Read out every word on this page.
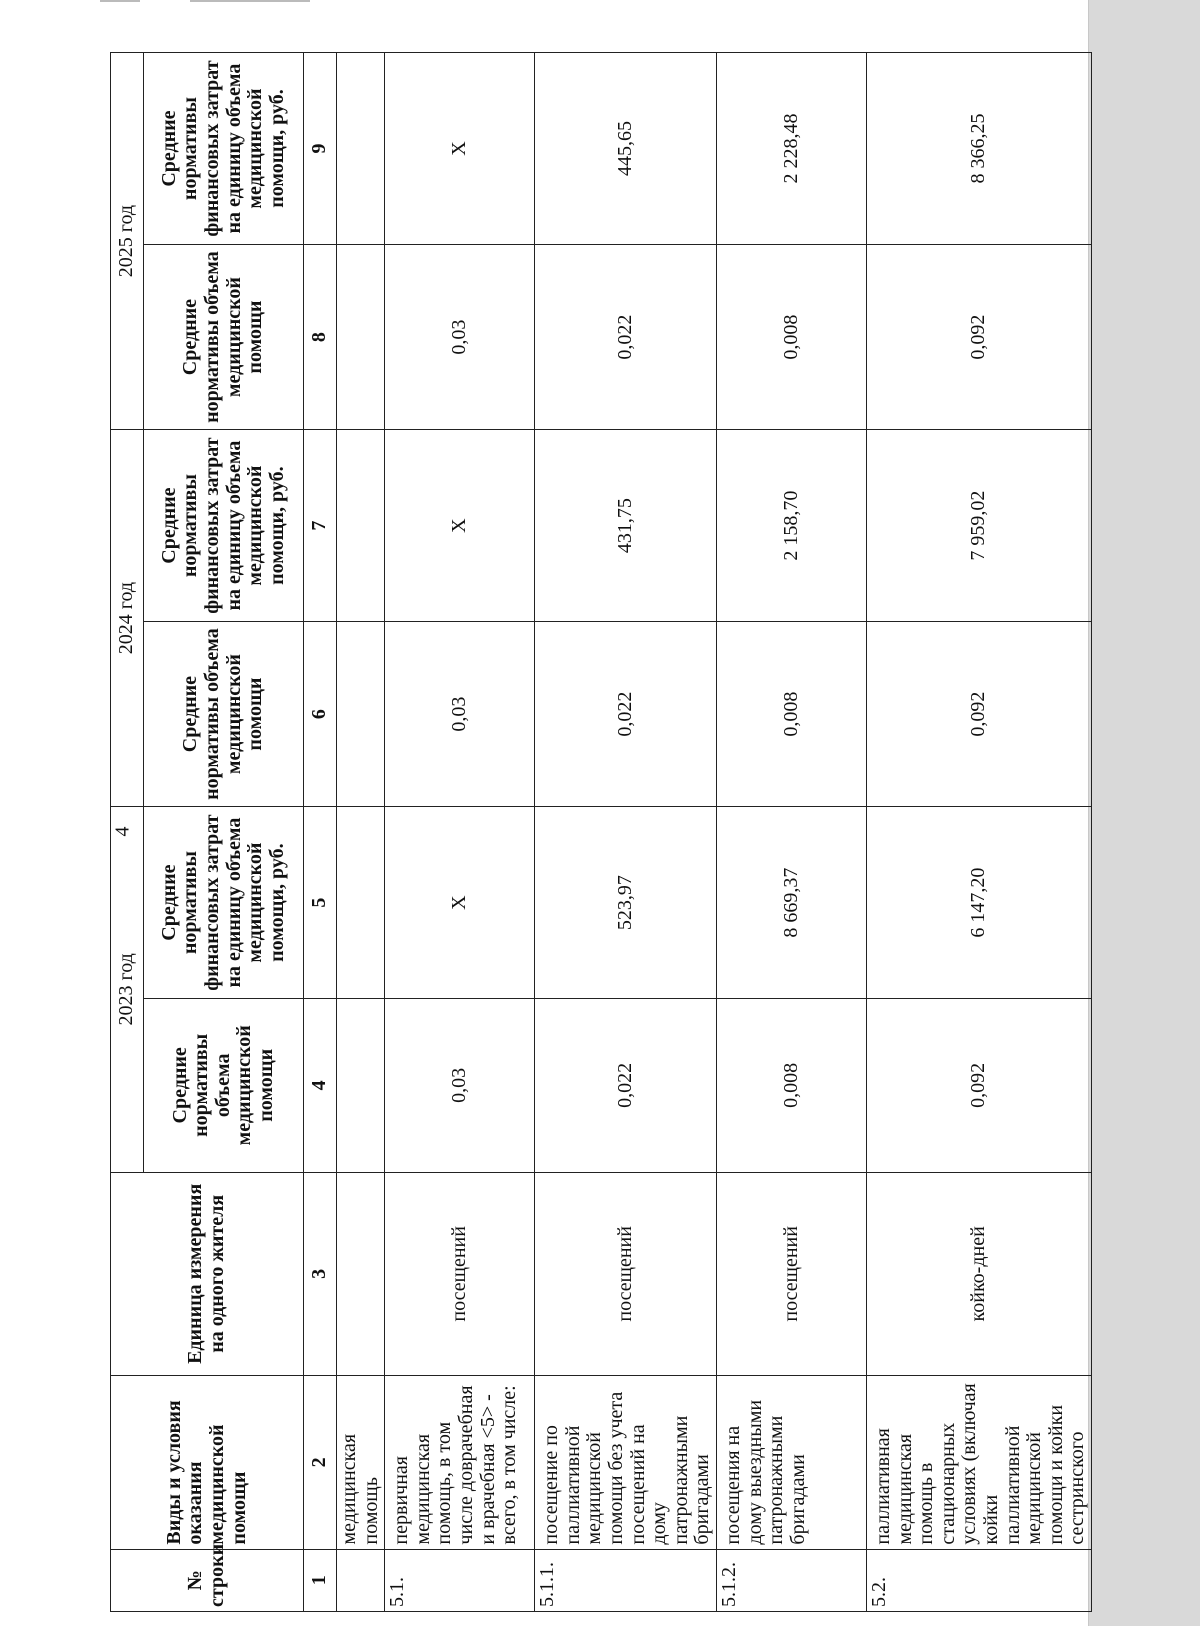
4
№ строки	Виды и условия оказания медицинской помощи	Единица измерения на одного жителя	2023 год		2024 год		2025 год	
			Средние нормативы объема медицинской помощи	Средние нормативы финансовых затрат на единицу объема медицинской помощи, руб.	Средние нормативы объема медицинской помощи	Средние нормативы финансовых затрат на единицу объема медицинской помощи, руб.	Средние нормативы объема медицинской помощи	Средние нормативы финансовых затрат на единицу объема медицинской помощи, руб.
1	2	3	4	5	6	7	8	9
	медицинская помощь							
5.1.	первичная медицинская помощь, в том числе доврачебная и врачебная <5> - всего, в том числе:	посещений	0,03	X	0,03	X	0,03	X
5.1.1.	посещение по паллиативной медицинской помощи без учета посещений на дому патронажными бригадами	посещений	0,022	523,97	0,022	431,75	0,022	445,65
5.1.2.	посещения на дому выездными патронажными бригадами	посещений	0,008	8 669,37	0,008	2 158,70	0,008	2 228,48
5.2.	паллиативная медицинская помощь в стационарных условиях (включая койки паллиативной медицинской помощи и койки сестринского	койко-дней	0,092	6 147,20	0,092	7 959,02	0,092	8 366,25
